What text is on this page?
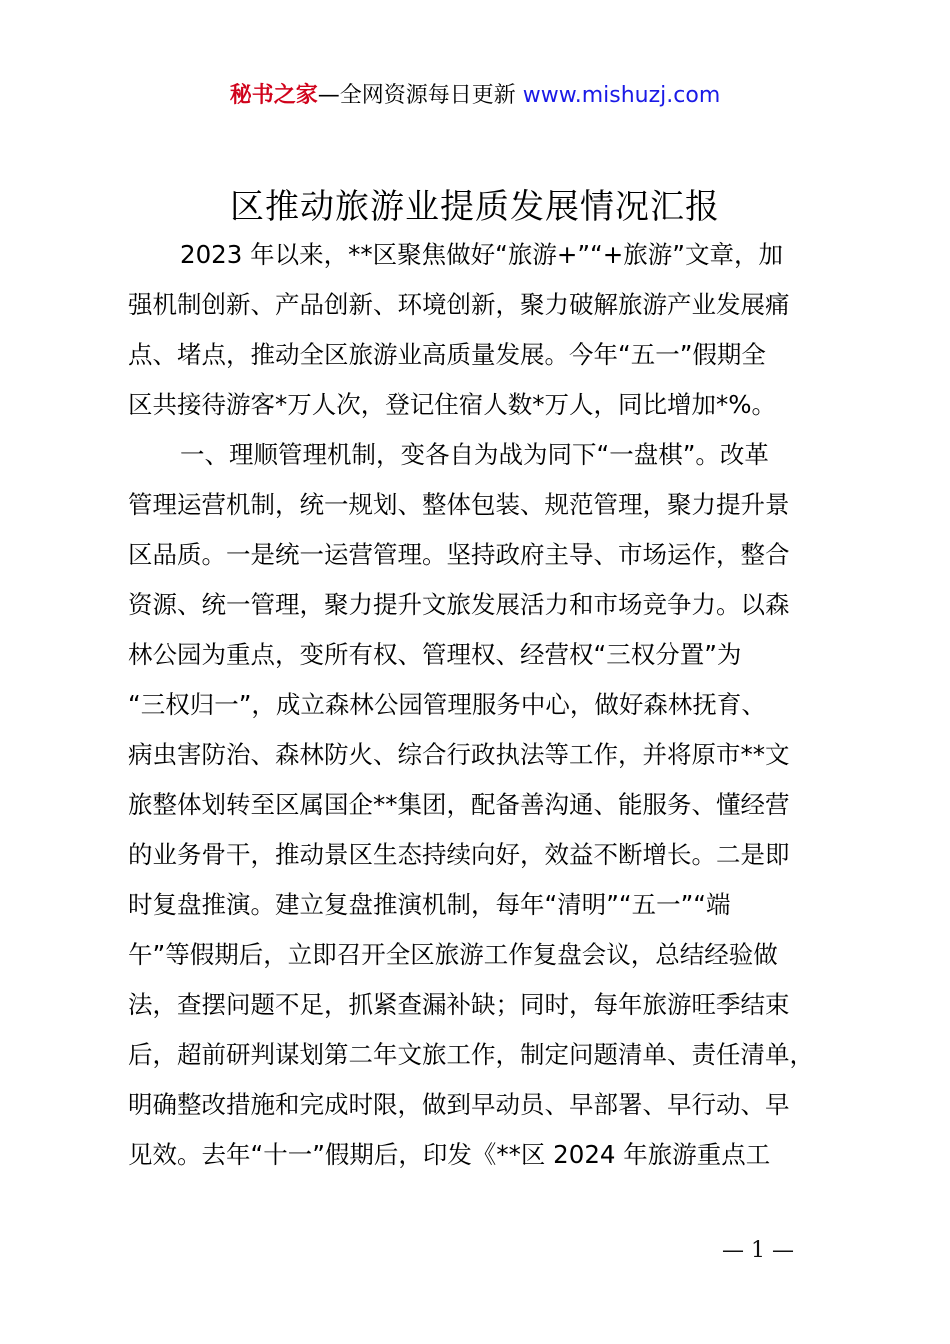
秘书之家—全网资源每日更新 www.mishuzj.com
区推动旅游业提质发展情况汇报
2023 年以来，**区聚焦做好“旅游+”“+旅游”文章，加
强机制创新、产品创新、环境创新，聚力破解旅游产业发展痛
点、堵点，推动全区旅游业高质量发展。今年“五一”假期全
区共接待游客*万人次，登记住宿人数*万人，同比增加*%。
一、理顺管理机制，变各自为战为同下“一盘棋”。改革
管理运营机制，统一规划、整体包装、规范管理，聚力提升景
区品质。一是统一运营管理。坚持政府主导、市场运作，整合
资源、统一管理，聚力提升文旅发展活力和市场竞争力。以森
林公园为重点，变所有权、管理权、经营权“三权分置”为
“三权归一”，成立森林公园管理服务中心，做好森林抚育、
病虫害防治、森林防火、综合行政执法等工作，并将原市**文
旅整体划转至区属国企**集团，配备善沟通、能服务、懂经营
的业务骨干，推动景区生态持续向好，效益不断增长。二是即
时复盘推演。建立复盘推演机制，每年“清明”“五一”“端
午”等假期后，立即召开全区旅游工作复盘会议，总结经验做
法，查摆问题不足，抓紧查漏补缺；同时，每年旅游旺季结束
后，超前研判谋划第二年文旅工作，制定问题清单、责任清单，
明确整改措施和完成时限，做到早动员、早部署、早行动、早
见效。去年“十一”假期后，印发《**区 2024 年旅游重点工
— 1 —
